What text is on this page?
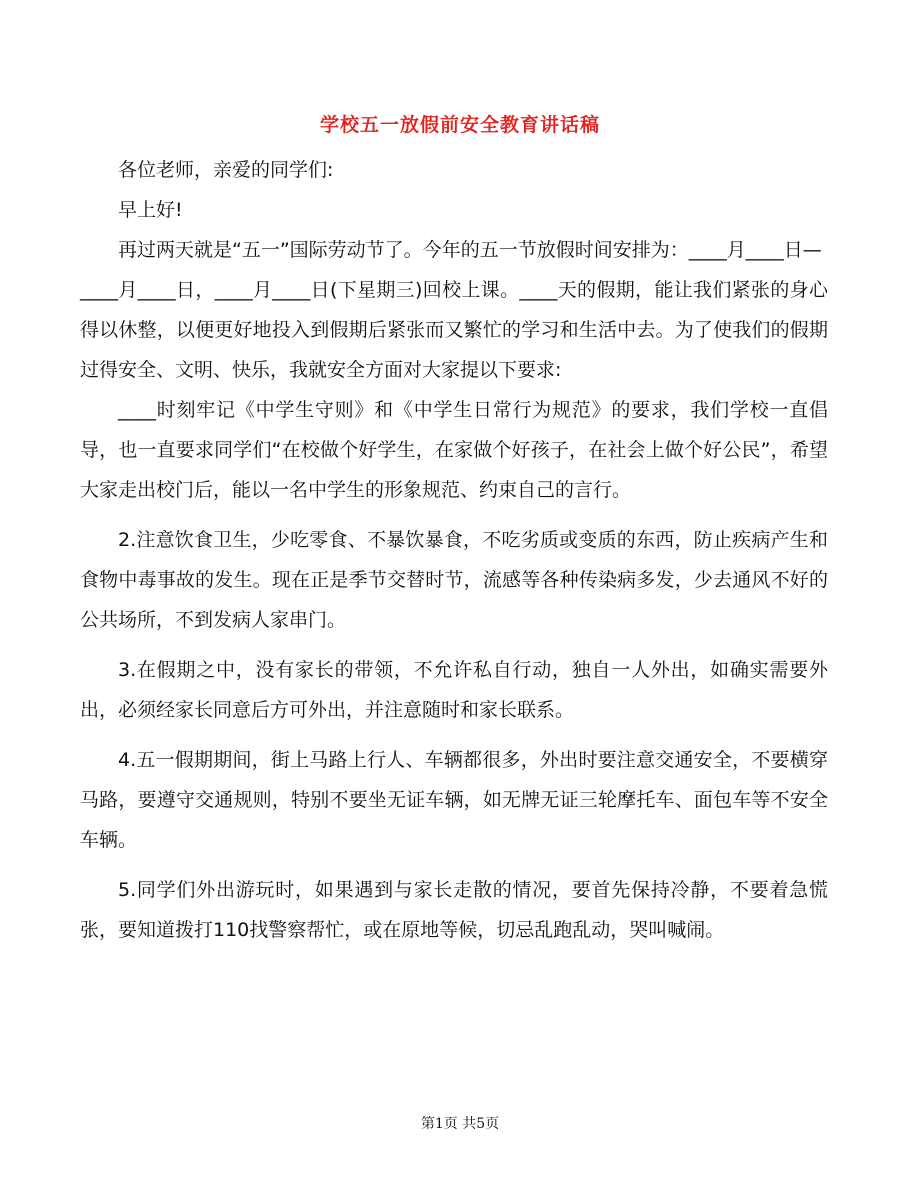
学校五一放假前安全教育讲话稿

各位老师，亲爱的同学们:

早上好!

再过两天就是“五一”国际劳动节了。今年的五一节放假时间安排为：____月____日—

____月____日，____月____日(下星期三)回校上课。____天的假期，能让我们紧张的身心得以休整，以便更好地投入到假期后紧张而又繁忙的学习和生活中去。为了使我们的假期过得安全、文明、快乐，我就安全方面对大家提以下要求:

____时刻牢记《中学生守则》和《中学生日常行为规范》的要求，我们学校一直倡导，也一直要求同学们“在校做个好学生，在家做个好孩子，在社会上做个好公民”，希望大家走出校门后，能以一名中学生的形象规范、约束自己的言行。

2.注意饮食卫生，少吃零食、不暴饮暴食，不吃劣质或变质的东西，防止疾病产生和食物中毒事故的发生。现在正是季节交替时节，流感等各种传染病多发，少去通风不好的公共场所，不到发病人家串门。

3.在假期之中，没有家长的带领，不允许私自行动，独自一人外出，如确实需要外出，必须经家长同意后方可外出，并注意随时和家长联系。

4.五一假期期间，街上马路上行人、车辆都很多，外出时要注意交通安全，不要横穿马路，要遵守交通规则，特别不要坐无证车辆，如无牌无证三轮摩托车、面包车等不安全车辆。

5.同学们外出游玩时，如果遇到与家长走散的情况，要首先保持冷静，不要着急慌张，要知道拨打110找警察帮忙，或在原地等候，切忌乱跑乱动，哭叫喊闹。

第1页 共5页
